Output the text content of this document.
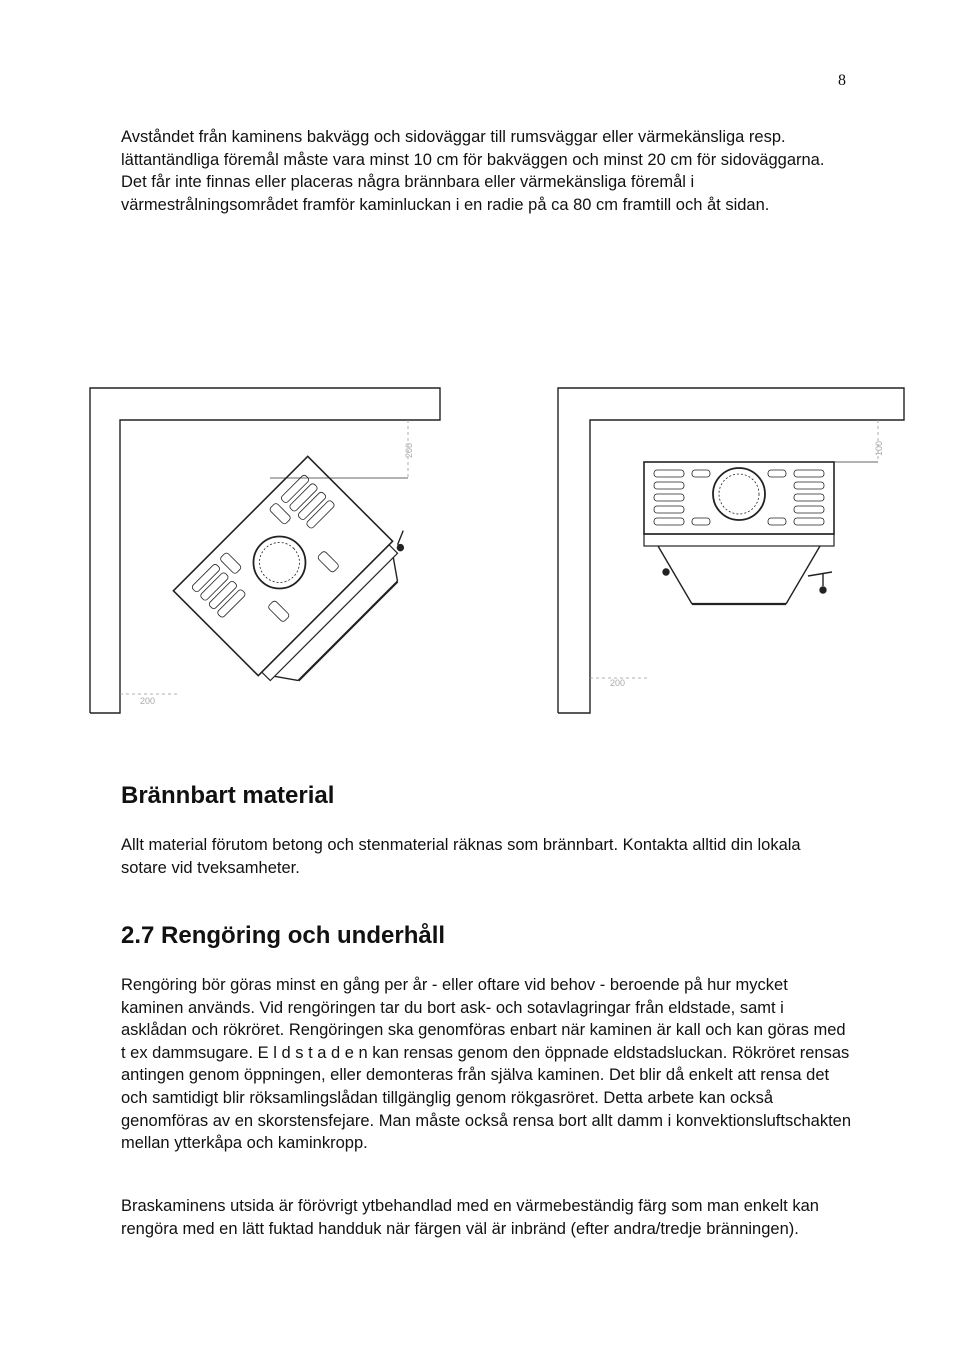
8

Avståndet från kaminens bakvägg och sidoväggar till rumsväggar eller värmekänsliga resp. lättantändliga föremål måste vara minst 10 cm för bakväggen och minst 20 cm för sidoväggarna. Det får inte finnas eller placeras några brännbara eller värmekänsliga föremål i värmestrålningsområdet framför kaminluckan i en radie på ca 80 cm framtill och åt sidan.

200
200
100
200
Brännbart material

Allt material förutom betong och stenmaterial räknas som brännbart. Kontakta alltid din lokala sotare vid tveksamheter.

2.7 Rengöring och underhåll

Rengöring bör göras minst en gång per år - eller oftare vid behov - beroende på hur mycket kaminen används. Vid rengöringen tar du bort ask- och sotavlagringar från eldstade, samt i asklådan och rökröret. Rengöringen ska genomföras enbart när kaminen är kall och kan göras med t ex dammsugare. E l d s t a d e n kan rensas genom den öppnade eldstadsluckan. Rökröret rensas antingen genom öppningen, eller demonteras från själva kaminen. Det blir då enkelt att rensa det och samtidigt blir röksamlingslådan tillgänglig genom rökgasröret. Detta arbete kan också genomföras av en skorstensfejare. Man måste också rensa bort allt damm i konvektionsluftschakten mellan ytterkåpa och kaminkropp.

Braskaminens utsida är förövrigt ytbehandlad med en värmebeständig färg som man enkelt kan rengöra med en lätt fuktad handduk när färgen väl är inbränd (efter andra/tredje bränningen).
